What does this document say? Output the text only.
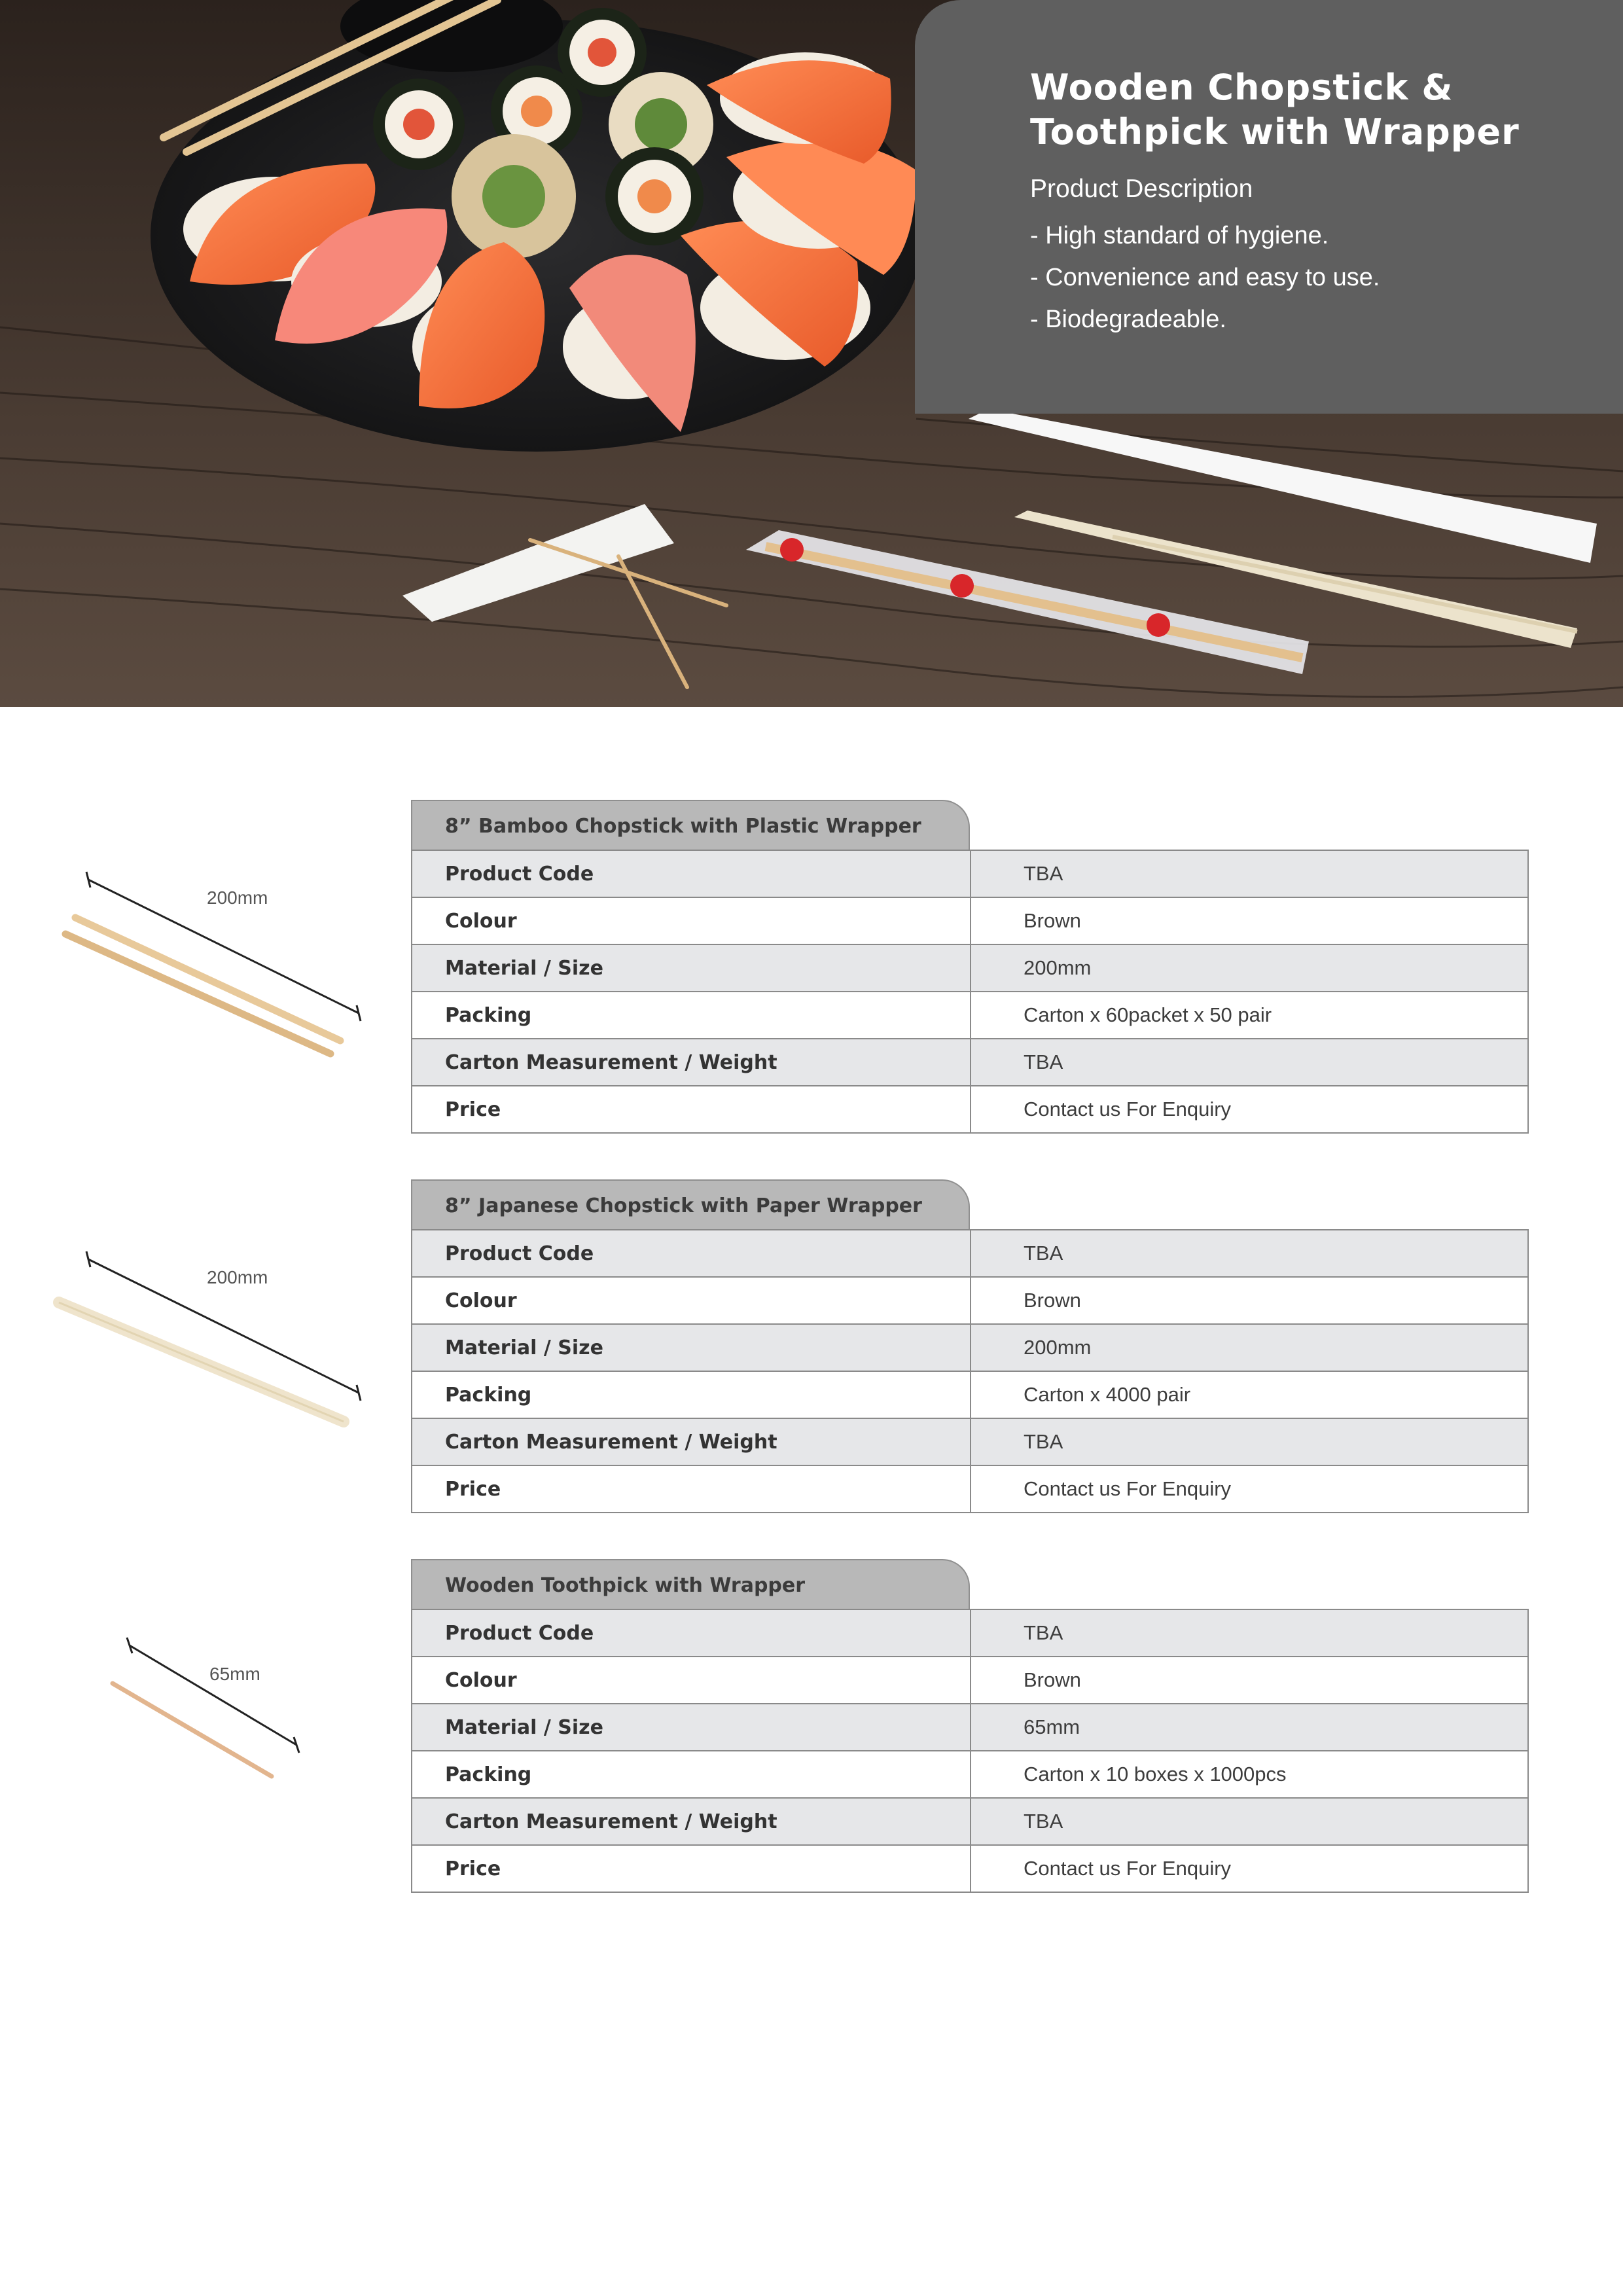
Wooden Chopstick &
Toothpick with Wrapper
Product Description
- High standard of hygiene.
- Convenience and easy to use.
- Biodegradeable.
200mm
8” Bamboo Chopstick with Plastic Wrapper
Product Code	TBA
Colour	Brown
Material / Size	200mm
Packing	Carton x 60packet x 50 pair
Carton Measurement / Weight	TBA
Price	Contact us For Enquiry
200mm
8” Japanese Chopstick with Paper Wrapper
Product Code	TBA
Colour	Brown
Material / Size	200mm
Packing	Carton x 4000 pair
Carton Measurement / Weight	TBA
Price	Contact us For Enquiry
65mm
Wooden Toothpick with Wrapper
Product Code	TBA
Colour	Brown
Material / Size	65mm
Packing	Carton x 10 boxes x 1000pcs
Carton Measurement / Weight	TBA
Price	Contact us For Enquiry
